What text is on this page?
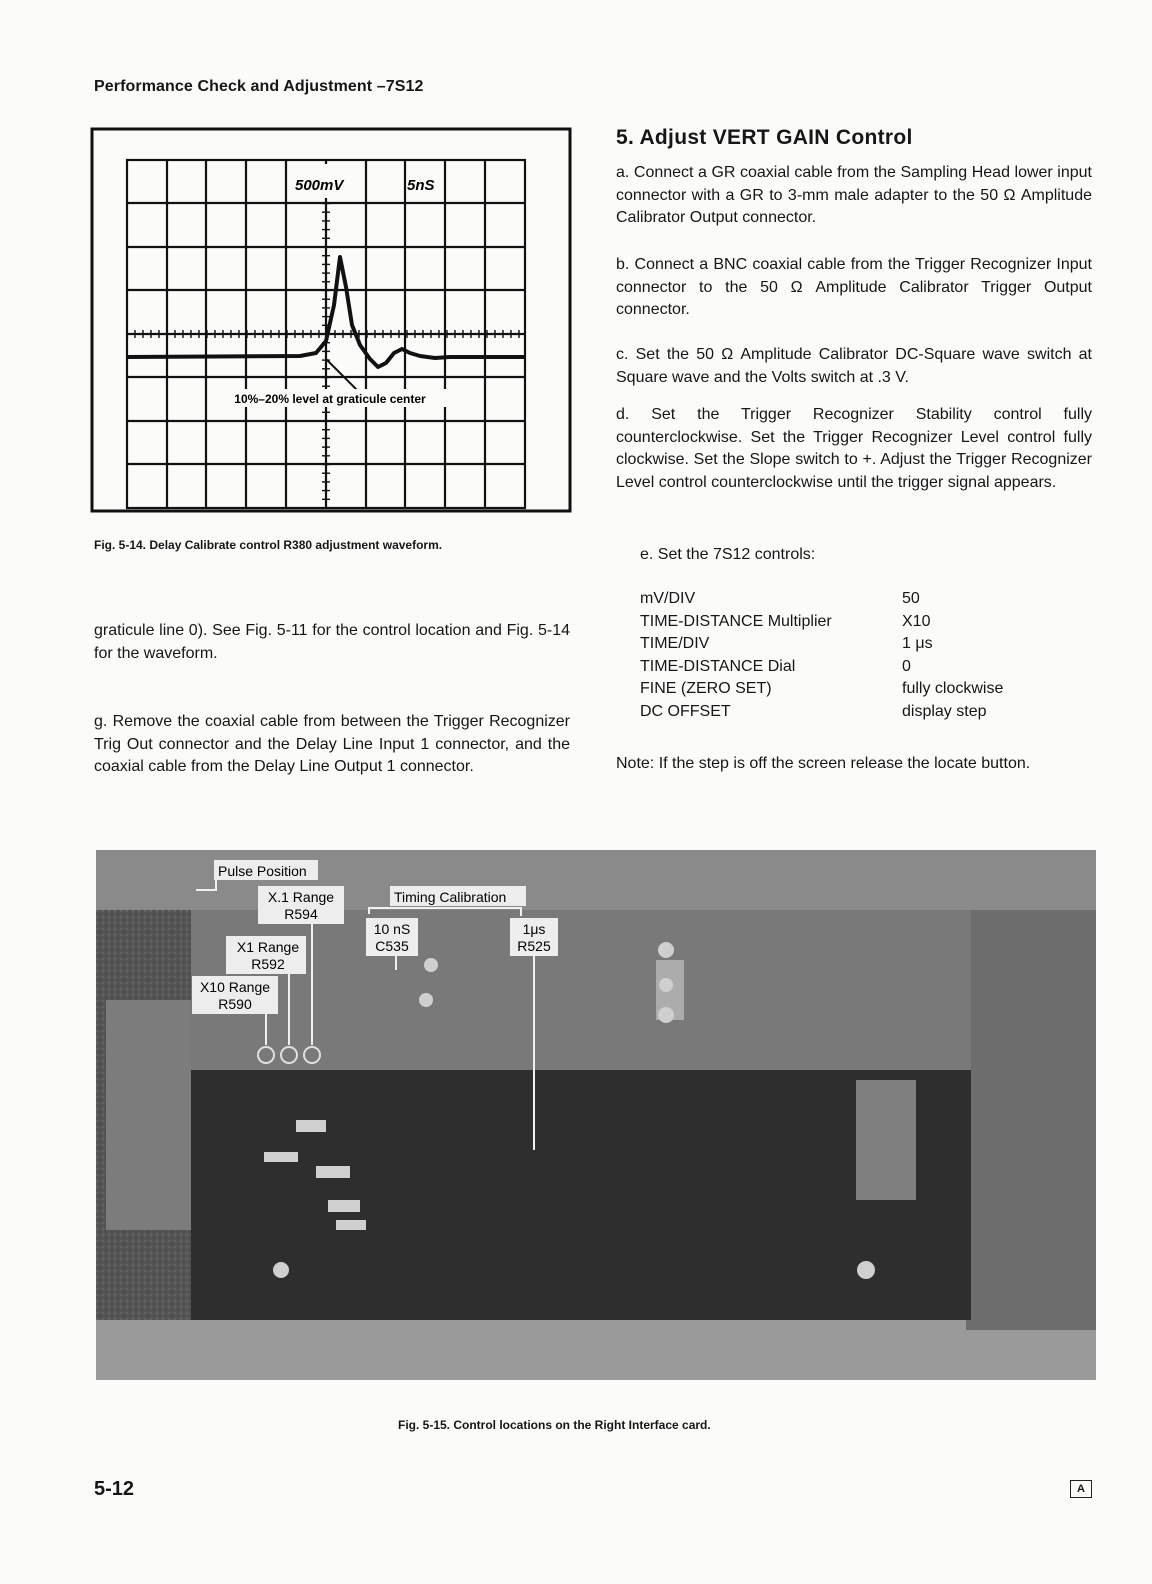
Performance Check and Adjustment –7S12
500mV	5nS
10%–20% level at graticule center
Fig. 5-14. Delay Calibrate control R380 adjustment waveform.
graticule line 0). See Fig. 5-11 for the control location and Fig. 5-14 for the waveform.
g. Remove the coaxial cable from between the Trigger Recognizer Trig Out connector and the Delay Line Input 1 connector, and the coaxial cable from the Delay Line Output 1 connector.
5. Adjust VERT GAIN Control
a. Connect a GR coaxial cable from the Sampling Head lower input connector with a GR to 3-mm male adapter to the 50 Ω Amplitude Calibrator Output connector.
b. Connect a BNC coaxial cable from the Trigger Recognizer Input connector to the 50 Ω Amplitude Calibrator Trigger Output connector.
c. Set the 50 Ω Amplitude Calibrator DC-Square wave switch at Square wave and the Volts switch at .3 V.
d. Set the Trigger Recognizer Stability control fully counterclockwise. Set the Trigger Recognizer Level control fully clockwise. Set the Slope switch to +. Adjust the Trigger Recognizer Level control counterclockwise until the trigger signal appears.
e. Set the 7S12 controls:
mV/DIV	50
TIME-DISTANCE Multiplier	X10
TIME/DIV	1 μs
TIME-DISTANCE Dial	0
FINE (ZERO SET)	fully clockwise
DC OFFSET	display step
Note: If the step is off the screen release the locate button.
Pulse Position
X.1 Range
R594
Timing Calibration
10 nS
C535
1μs
R525
X1 Range
R592
X10 Range
R590
Fig. 5-15. Control locations on the Right Interface card.
5-12	A
